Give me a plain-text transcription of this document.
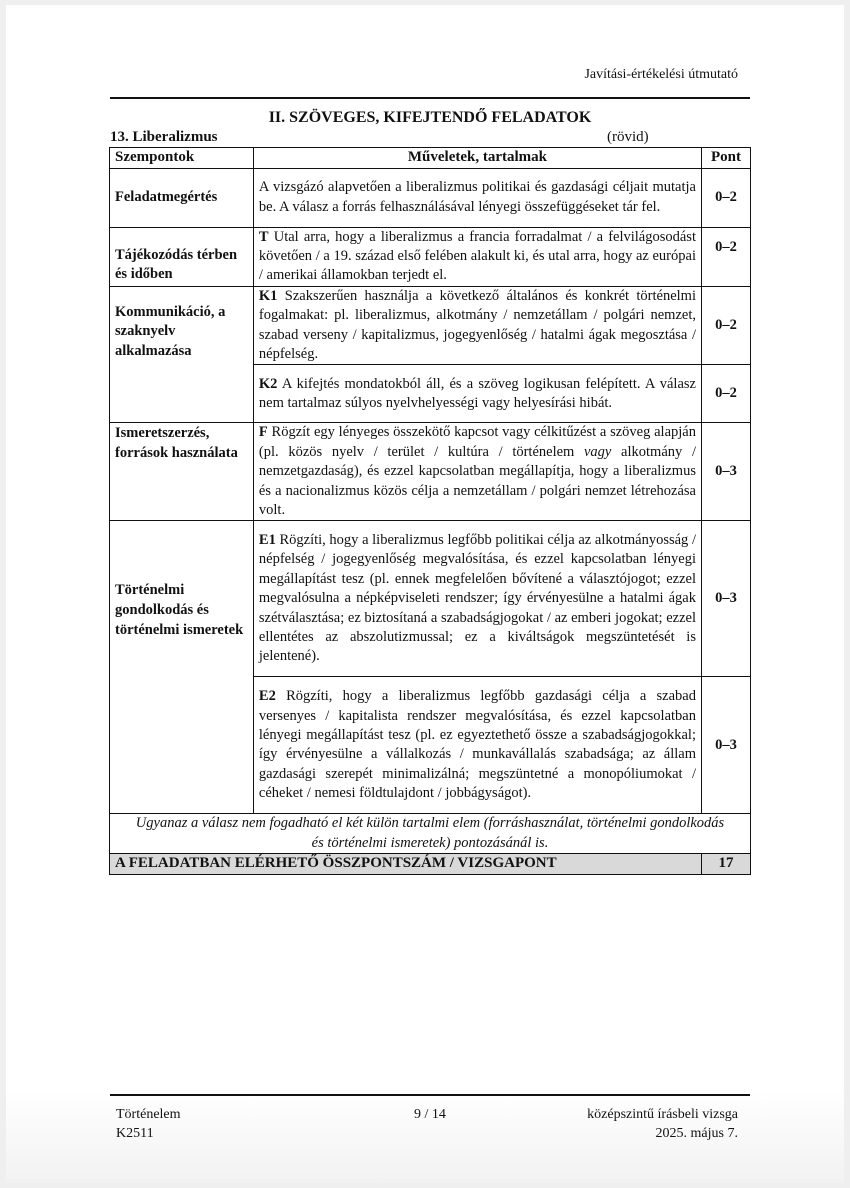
Javítási-értékelési útmutató
II. SZÖVEGES, KIFEJTENDŐ FELADATOK
13. Liberalizmus	(rövid)
Szempontok	Műveletek, tartalmak	Pont
Feladatmegértés	A vizsgázó alapvetően a liberalizmus politikai és gazdasági céljait mutatja be. A válasz a forrás felhasználásával lényegi összefüggéseket tár fel.	0–2
Tájékozódás térben és időben	T Utal arra, hogy a liberalizmus a francia forradalmat / a felvilágosodást követően / a 19. század első felében alakult ki, és utal arra, hogy az európai / amerikai államokban terjedt el.	0–2
Kommunikáció, a szaknyelv alkalmazása	K1 Szakszerűen használja a következő általános és konkrét történelmi fogalmakat: pl. liberalizmus, alkotmány / nemzetállam / polgári nemzet, szabad verseny / kapitalizmus, jogegyenlőség / hatalmi ágak megosztása / népfelség.	0–2
	K2 A kifejtés mondatokból áll, és a szöveg logikusan felépített. A válasz nem tartalmaz súlyos nyelvhelyességi vagy helyesírási hibát.	0–2
Ismeretszerzés, források használata	F Rögzít egy lényeges összekötő kapcsot vagy célkitűzést a szöveg alapján (pl. közös nyelv / terület / kultúra / történelem vagy alkotmány / nemzetgazdaság), és ezzel kapcsolatban megállapítja, hogy a liberalizmus és a nacionalizmus közös célja a nemzetállam / polgári nemzet létrehozása volt.	0–3
Történelmi gondolkodás és történelmi ismeretek	E1 Rögzíti, hogy a liberalizmus legfőbb politikai célja az alkotmányosság / népfelség / jogegyenlőség megvalósítása, és ezzel kapcsolatban lényegi megállapítást tesz (pl. ennek megfelelően bővítené a választójogot; ezzel megvalósulna a népképviseleti rendszer; így érvényesülne a hatalmi ágak szétválasztása; ez biztosítaná a szabadságjogokat / az emberi jogokat; ezzel ellentétes az abszolutizmussal; ez a kiváltságok megszüntetését is jelentené).	0–3
	E2 Rögzíti, hogy a liberalizmus legfőbb gazdasági célja a szabad versenyes / kapitalista rendszer megvalósítása, és ezzel kapcsolatban lényegi megállapítást tesz (pl. ez egyeztethető össze a szabadságjogokkal; így érvényesülne a vállalkozás / munkavállalás szabadsága; az állam gazdasági szerepét minimalizálná; megszüntetné a monopóliumokat / céheket / nemesi földtulajdont / jobbágyságot).	0–3
Ugyanaz a válasz nem fogadható el két külön tartalmi elem (forráshasználat, történelmi gondolkodás és történelmi ismeretek) pontozásánál is.		
A FELADATBAN ELÉRHETŐ ÖSSZPONTSZÁM / VIZSGAPONT		17
Történelem
K2511
9 / 14	középszintű írásbeli vizsga
2025. május 7.
